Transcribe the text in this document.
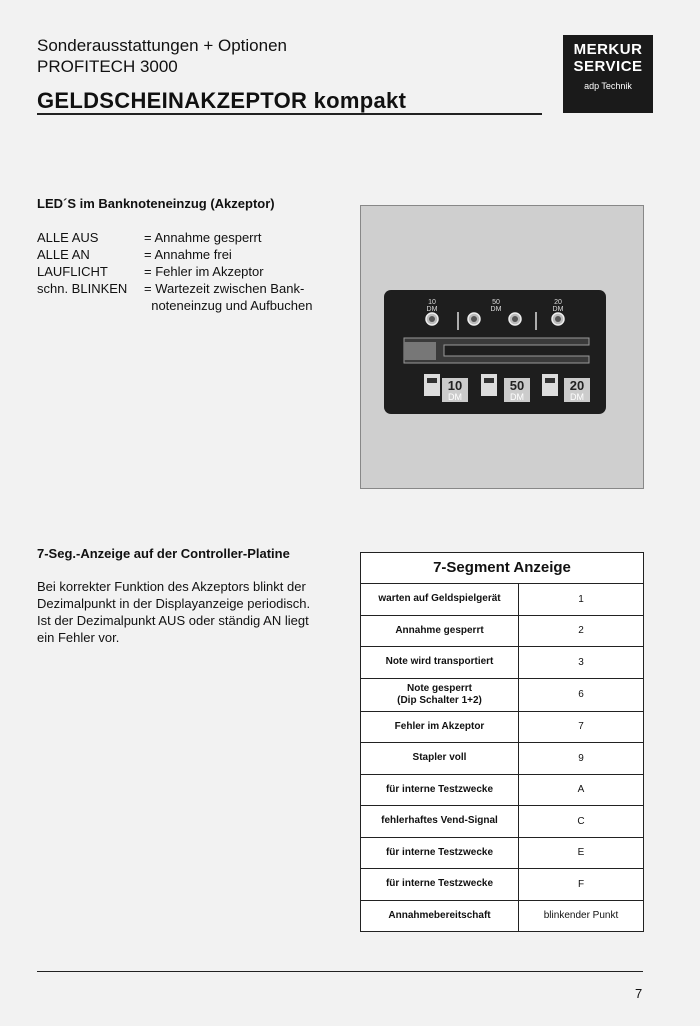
Sonderausstattungen + Optionen
PROFITECH 3000
GELDSCHEINAKZEPTOR kompakt
MERKUR
SERVICE
adp Technik
LED´S im Banknoteneinzug (Akzeptor)
ALLE AUS	= Annahme gesperrt
ALLE AN	= Annahme frei
LAUFLICHT	= Fehler im Akzeptor
schn. BLINKEN	= Wartezeit zwischen Bank-
noteneinzug und Aufbuchen	10
DM
50
DM
20
DM
10
DM
50
DM
20
DM
7-Seg.-Anzeige auf der Controller-Platine
Bei korrekter Funktion des Akzeptors blinkt der Dezimalpunkt in der Displayanzeige periodisch. Ist der Dezimalpunkt AUS oder ständig AN liegt ein Fehler vor.
7-Segment Anzeige
warten auf Geldspielgerät	1
Annahme gesperrt	2
Note wird transportiert	3
Note gesperrt
(Dip Schalter 1+2)	6
Fehler im Akzeptor	7
Stapler voll	9
für interne Testzwecke	A
fehlerhaftes Vend-Signal	C
für interne Testzwecke	E
für interne Testzwecke	F
Annahmebereitschaft	blinkender Punkt
7
